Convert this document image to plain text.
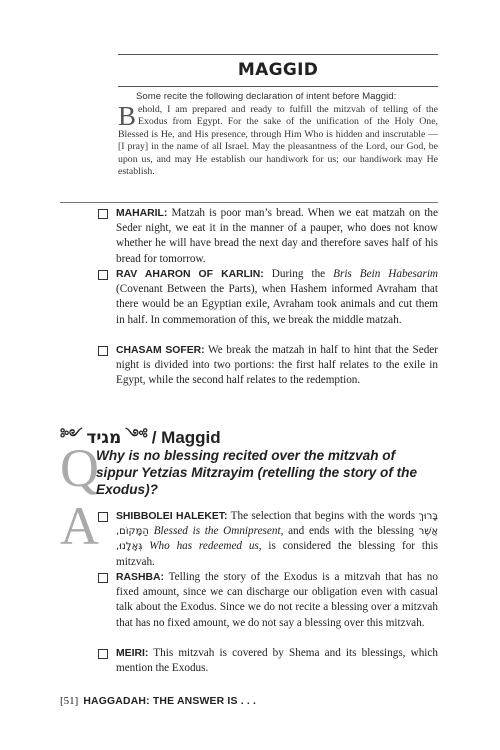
MAGGID
Some recite the following declaration of intent before Maggid:
Behold, I am prepared and ready to fulfill the mitzvah of telling of the Exodus from Egypt. For the sake of the unification of the Holy One, Blessed is He, and His presence, through Him Who is hidden and inscrutable — [I pray] in the name of all Israel. May the pleasantness of the Lord, our God, be upon us, and may He establish our handiwork for us; our handiwork may He establish.
MAHARIL: Matzah is poor man’s bread. When we eat matzah on the Seder night, we eat it in the manner of a pauper, who does not know whether he will have bread the next day and therefore saves half of his bread for tomorrow.
RAV AHARON OF KARLIN: During the Bris Bein Habesarim (Covenant Between the Parts), when Hashem informed Avraham that there would be an Egyptian exile, Avraham took animals and cut them in half. In commemoration of this, we break the middle matzah.
CHASAM SOFER: We break the matzah in half to hint that the Seder night is divided into two portions: the first half relates to the exile in Egypt, while the second half relates to the redemption.
༻ מגיד ༺ / Maggid
Q
Why is no blessing recited over the mitzvah of sippur Yetzias Mitzrayim (retelling the story of the Exodus)?
A	SHIBBOLEI HALEKET: The selection that begins with the words בָּרוּךְ הַמָּקוֹם, Blessed is the Omnipresent, and ends with the blessing אֲשֶׁר גְּאָלָנוּ, Who has redeemed us, is considered the blessing for this mitzvah.
RASHBA: Telling the story of the Exodus is a mitzvah that has no fixed amount, since we can discharge our obligation even with casual talk about the Exodus. Since we do not recite a blessing over a mitzvah that has no fixed amount, we do not say a blessing over this mitzvah.
MEIRI: This mitzvah is covered by Shema and its blessings, which mention the Exodus.
[51] HAGGADAH: THE ANSWER IS . . .
